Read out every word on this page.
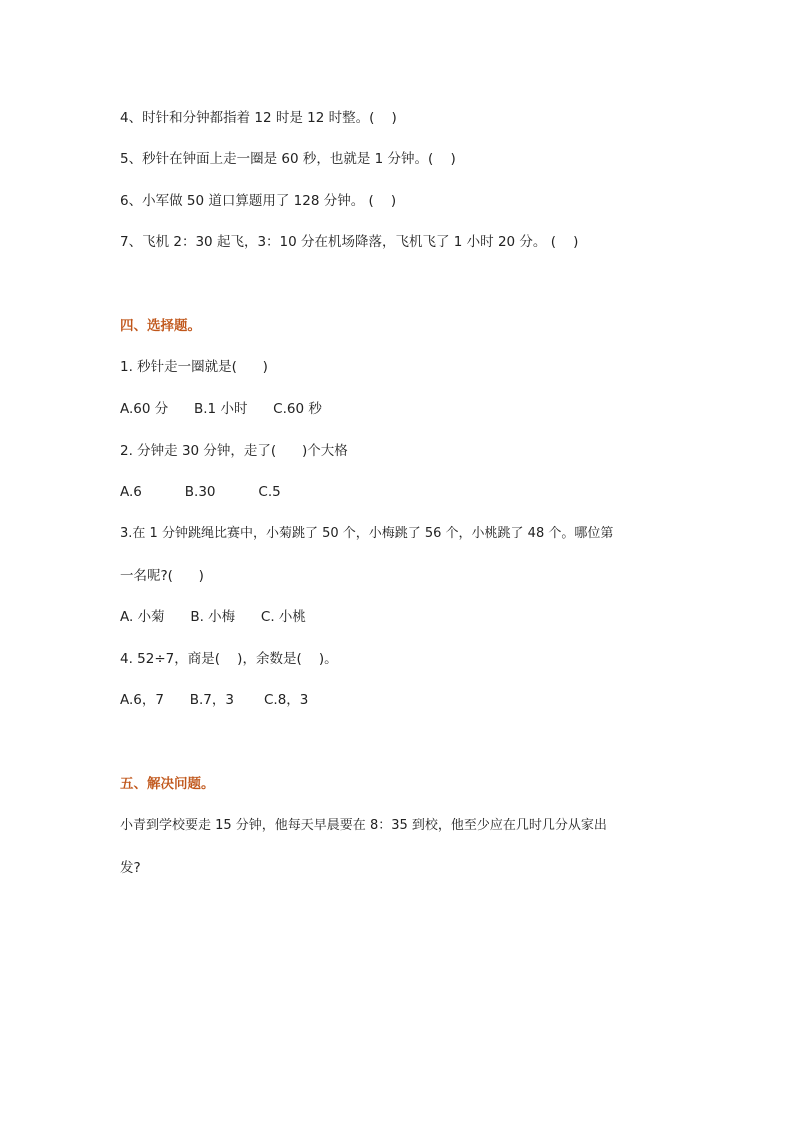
4、时针和分钟都指着 12 时是 12 时整。(    )
5、秒针在钟面上走一圈是 60 秒，也就是 1 分钟。(    )
6、小军做 50 道口算题用了 128 分钟。 (    )
7、飞机 2：30 起飞，3：10 分在机场降落，飞机飞了 1 小时 20 分。 (    )
四、选择题。
1. 秒针走一圈就是(      )
A.60 分      B.1 小时      C.60 秒
2. 分钟走 30 分钟，走了(      )个大格
A.6          B.30          C.5
3.在 1 分钟跳绳比赛中，小菊跳了 50 个，小梅跳了 56 个，小桃跳了 48 个。哪位第
一名呢?(      )
A. 小菊      B. 小梅      C. 小桃
4. 52÷7，商是(    )，余数是(    )。
A.6，7      B.7，3       C.8，3
五、解决问题。
小青到学校要走 15 分钟，他每天早晨要在 8：35 到校，他至少应在几时几分从家出
发?
